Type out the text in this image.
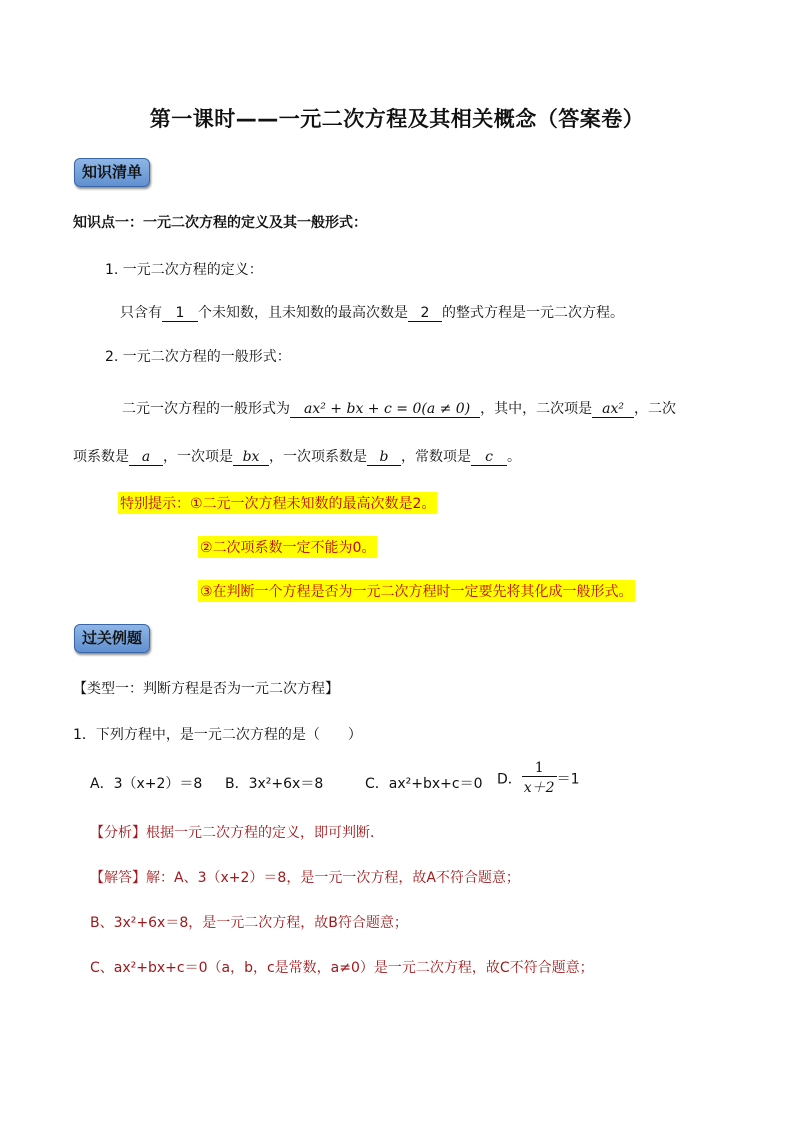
第一课时——一元二次方程及其相关概念（答案卷）
知识清单
知识点一：一元二次方程的定义及其一般形式：
1. 一元二次方程的定义：
只含有 1 个未知数，且未知数的最高次数是 2 的整式方程是一元二次方程。
2. 一元二次方程的一般形式：
二元一次方程的一般形式为 ax² + bx + c = 0(a ≠ 0) ，其中，二次项是 ax² ，二次
项系数是 a ，一次项是 bx ，一次项系数是 b ，常数项是 c 。
特别提示：①二元一次方程未知数的最高次数是2。
②二次项系数一定不能为0。
③在判断一个方程是否为一元二次方程时一定要先将其化成一般形式。
过关例题
【类型一：判断方程是否为一元二次方程】
1．下列方程中，是一元二次方程的是（　　）
A．3（x+2）＝8 B．3x²+6x＝8	C．ax²+bx+c＝0 D． $\frac{1}{x+2} =1$
【分析】根据一元二次方程的定义，即可判断．
【解答】解：A、3（x+2）＝8，是一元一次方程，故A不符合题意；
B、3x²+6x＝8，是一元二次方程，故B符合题意；
C、ax²+bx+c＝0（a，b，c是常数，a≠0）是一元二次方程，故C不符合题意；
